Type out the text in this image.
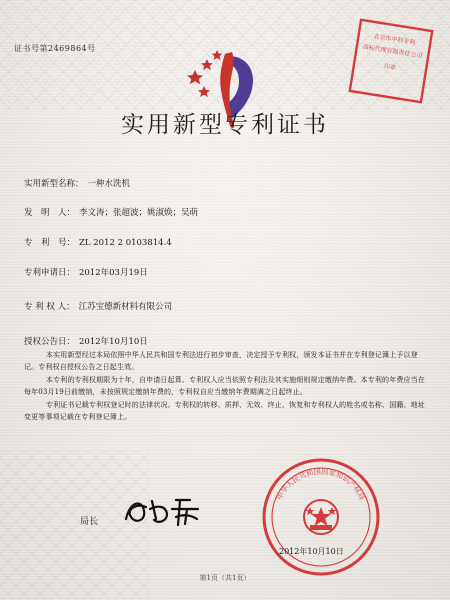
证书号第2469864号
北京市中科专利
商标代理有限责任公司
印章
实用新型专利证书
实用新型名称： 一种水洗机
发　明　人： 李文涛；张超波；姚淑焕；吴萌
专　利　号： ZL 2012 2 0103814.4
专利申请日： 2012年03月19日
专 利 权 人： 江苏宝德新材料有限公司
授权公告日： 2012年10月10日

本实用新型经过本局依照中华人民共和国专利法进行初步审查，决定授予专利权，颁发本证书并在专利登记簿上予以登记。专利权自授权公告之日起生效。

本专利的专利权期限为十年，自申请日起算。专利权人应当依照专利法及其实施细则规定缴纳年费。本专利的年费应当在每年03月19日前缴纳，未按照规定缴纳年费的，专利权自应当缴纳年费期满之日起终止。

专利证书记载专利权登记时的法律状况。专利权的转移、质押、无效、终止、恢复和专利权人的姓名或名称、国籍、地址变更等事项记载在专利登记簿上。

局长
中华人民共和国国家知识产权局
2012年10月10日
第1页（共1页）
